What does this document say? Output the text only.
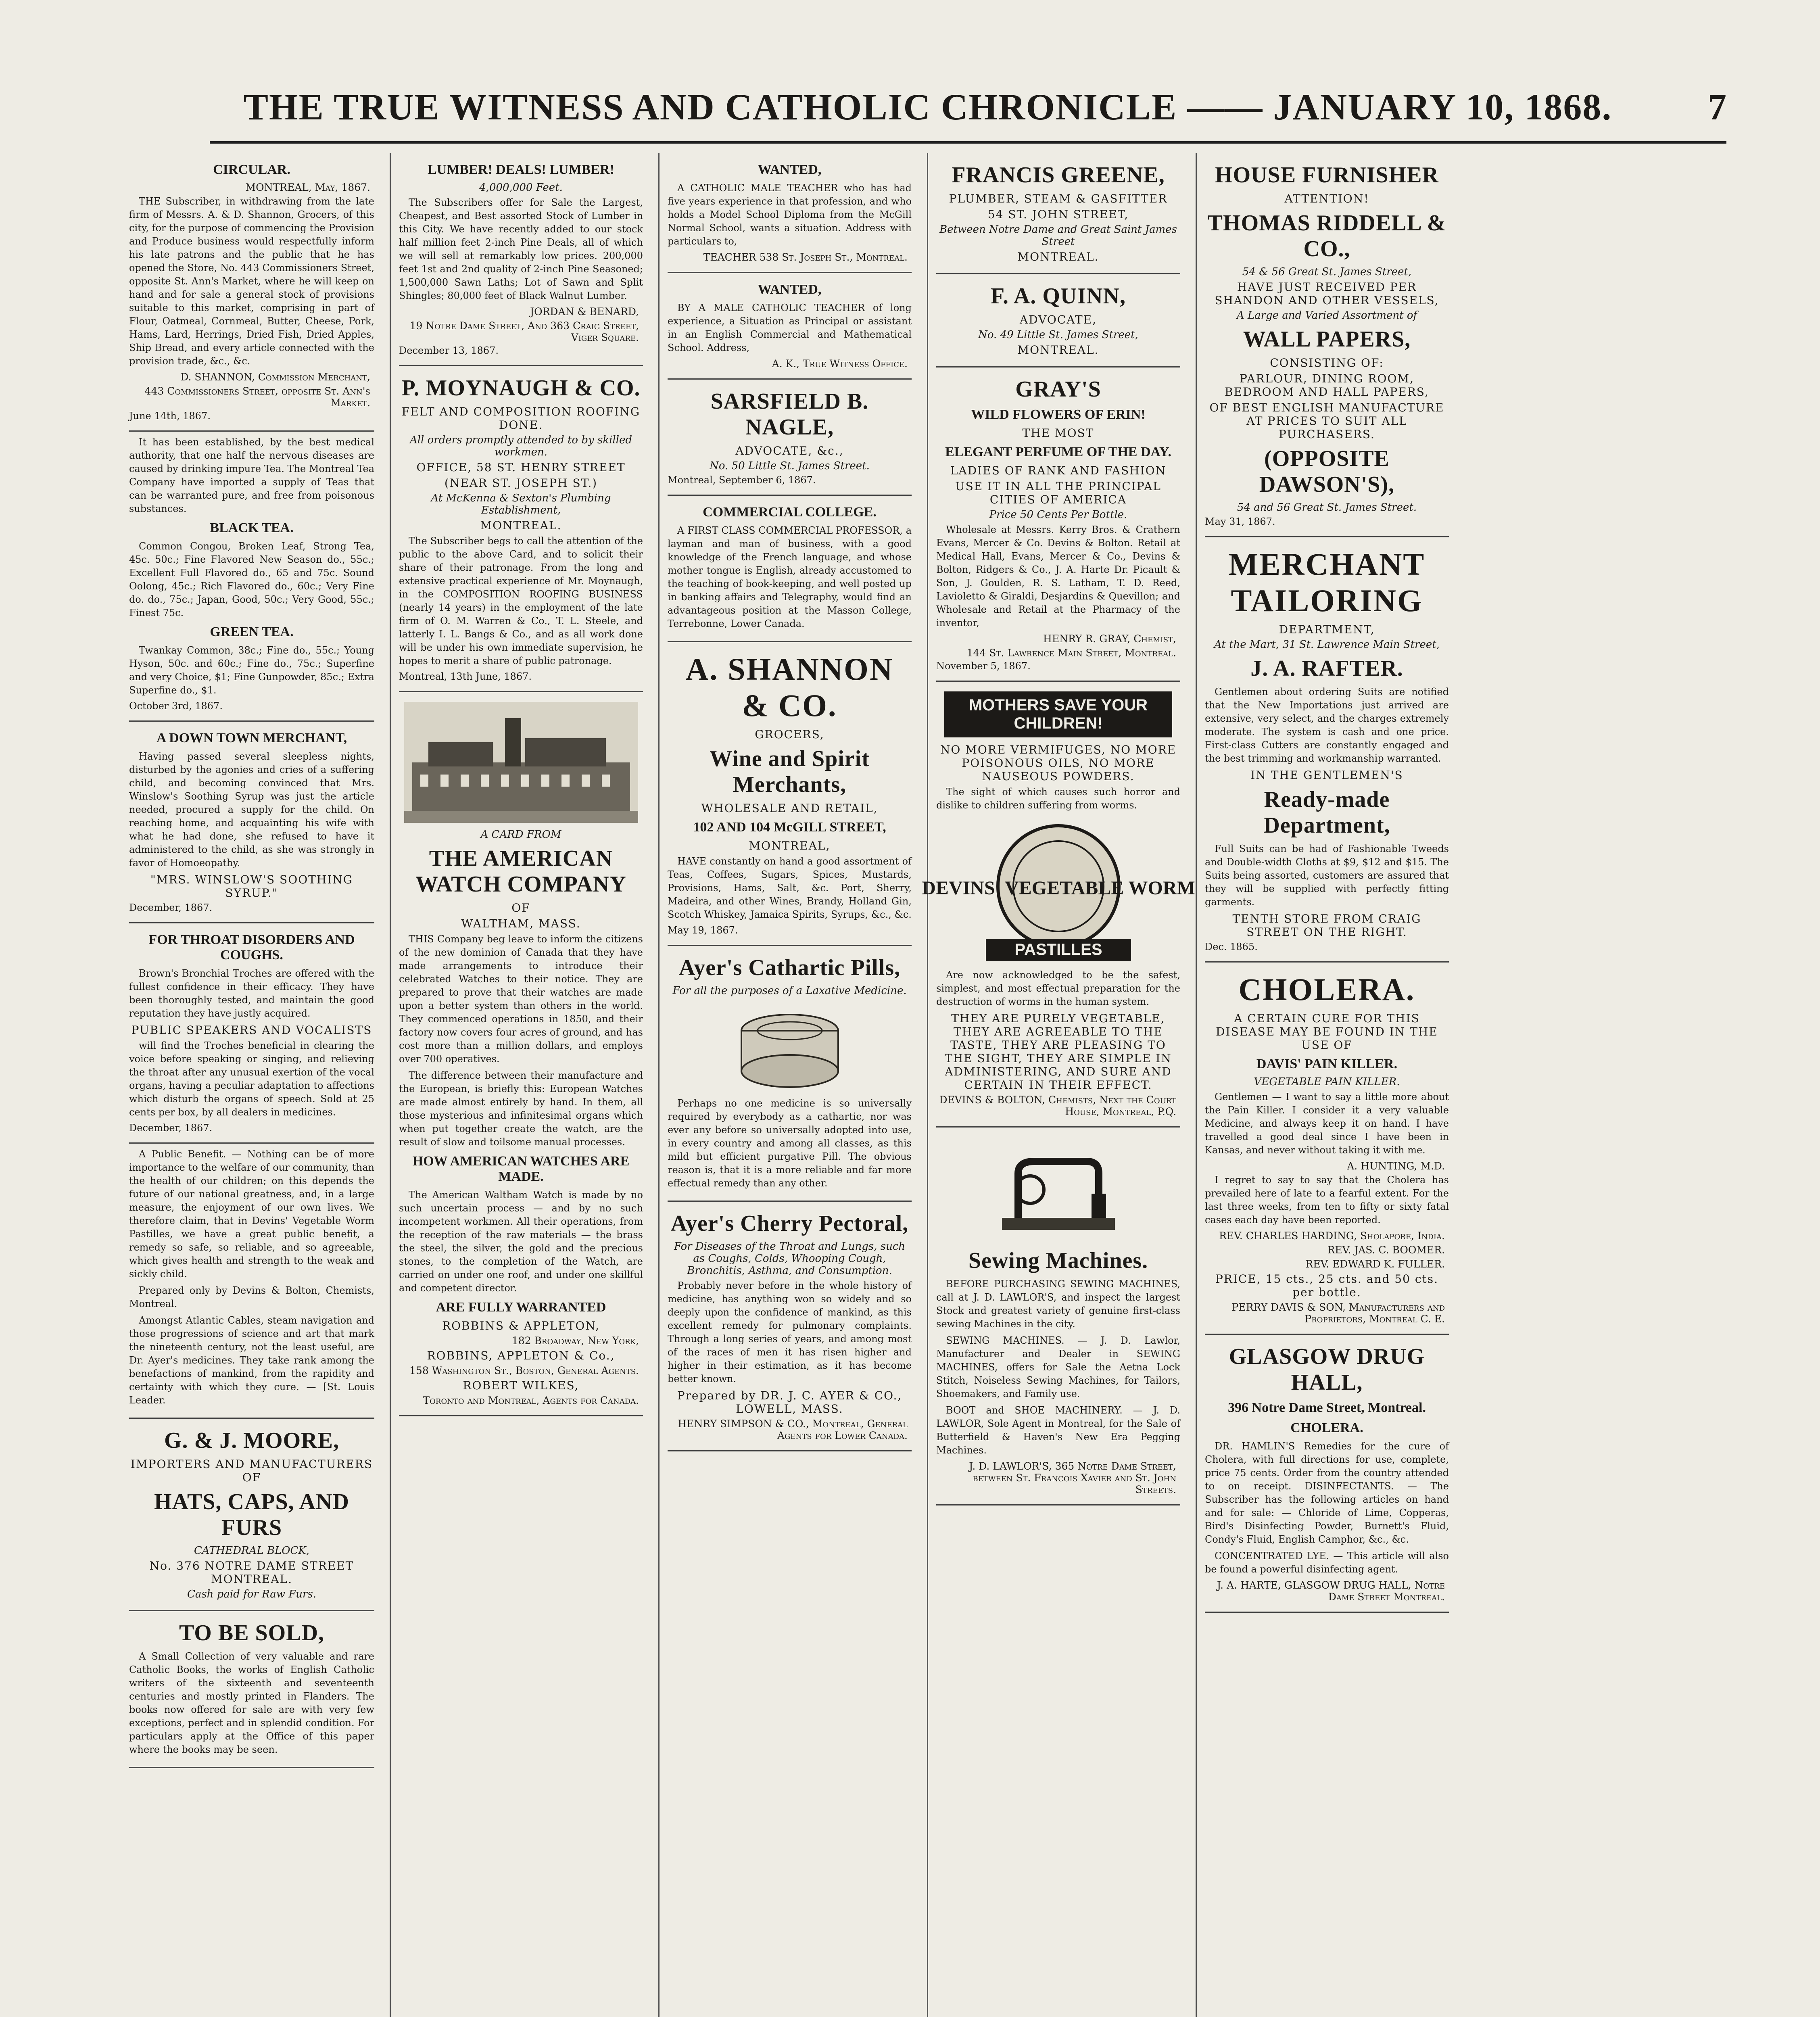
THE TRUE WITNESS AND CATHOLIC CHRONICLE —— JANUARY 10, 1868.	7
CIRCULAR.
MONTREAL, May, 1867.

THE Subscriber, in withdrawing from the late firm of Messrs. A. & D. Shannon, Grocers, of this city, for the purpose of commencing the Provision and Produce business would respectfully inform his late patrons and the public that he has opened the Store, No. 443 Commissioners Street, opposite St. Ann's Market, where he will keep on hand and for sale a general stock of provisions suitable to this market, comprising in part of Flour, Oatmeal, Cornmeal, Butter, Cheese, Pork, Hams, Lard, Herrings, Dried Fish, Dried Apples, Ship Bread, and every article connected with the provision trade, &c., &c.

D. SHANNON, Commission Merchant,
443 Commissioners Street, opposite St. Ann's Market.
June 14th, 1867.

It has been established, by the best medical authority, that one half the nervous diseases are caused by drinking impure Tea. The Montreal Tea Company have imported a supply of Teas that can be warranted pure, and free from poisonous substances.

BLACK TEA.

Common Congou, Broken Leaf, Strong Tea, 45c. 50c.; Fine Flavored New Season do., 55c.; Excellent Full Flavored do., 65 and 75c. Sound Oolong, 45c.; Rich Flavored do., 60c.; Very Fine do. do., 75c.; Japan, Good, 50c.; Very Good, 55c.; Finest 75c.

GREEN TEA.

Twankay Common, 38c.; Fine do., 55c.; Young Hyson, 50c. and 60c.; Fine do., 75c.; Superfine and very Choice, $1; Fine Gunpowder, 85c.; Extra Superfine do., $1.

October 3rd, 1867.
A DOWN TOWN MERCHANT,

Having passed several sleepless nights, disturbed by the agonies and cries of a suffering child, and becoming convinced that Mrs. Winslow's Soothing Syrup was just the article needed, procured a supply for the child. On reaching home, and acquainting his wife with what he had done, she refused to have it administered to the child, as she was strongly in favor of Homoeopathy.

"MRS. WINSLOW'S SOOTHING SYRUP."
December, 1867.
FOR THROAT DISORDERS AND COUGHS.

Brown's Bronchial Troches are offered with the fullest confidence in their efficacy. They have been thoroughly tested, and maintain the good reputation they have justly acquired.

PUBLIC SPEAKERS AND VOCALISTS

will find the Troches beneficial in clearing the voice before speaking or singing, and relieving the throat after any unusual exertion of the vocal organs, having a peculiar adaptation to affections which disturb the organs of speech. Sold at 25 cents per box, by all dealers in medicines.

December, 1867.

A Public Benefit. — Nothing can be of more importance to the welfare of our community, than the health of our children; on this depends the future of our national greatness, and, in a large measure, the enjoyment of our own lives. We therefore claim, that in Devins' Vegetable Worm Pastilles, we have a great public benefit, a remedy so safe, so reliable, and so agreeable, which gives health and strength to the weak and sickly child.

Prepared only by Devins & Bolton, Chemists, Montreal.

Amongst Atlantic Cables, steam navigation and those progressions of science and art that mark the nineteenth century, not the least useful, are Dr. Ayer's medicines. They take rank among the benefactions of mankind, from the rapidity and certainty with which they cure. — [St. Louis Leader.

G. & J. MOORE,
IMPORTERS AND MANUFACTURERS OF
HATS, CAPS, AND FURS
CATHEDRAL BLOCK,
No. 376 NOTRE DAME STREET MONTREAL.
Cash paid for Raw Furs.
TO BE SOLD,

A Small Collection of very valuable and rare Catholic Books, the works of English Catholic writers of the sixteenth and seventeenth centuries and mostly printed in Flanders. The books now offered for sale are with very few exceptions, perfect and in splendid condition. For particulars apply at the Office of this paper where the books may be seen.

LUMBER! DEALS! LUMBER!
4,000,000 Feet.

The Subscribers offer for Sale the Largest, Cheapest, and Best assorted Stock of Lumber in this City. We have recently added to our stock half million feet 2-inch Pine Deals, all of which we will sell at remarkably low prices. 200,000 feet 1st and 2nd quality of 2-inch Pine Seasoned; 1,500,000 Sawn Laths; Lot of Sawn and Split Shingles; 80,000 feet of Black Walnut Lumber.

JORDAN & BENARD,
19 Notre Dame Street, And 363 Craig Street, Viger Square.
December 13, 1867.
P. MOYNAUGH & CO.
FELT AND COMPOSITION ROOFING DONE.
All orders promptly attended to by skilled workmen.
OFFICE, 58 ST. HENRY STREET
(NEAR ST. JOSEPH ST.)
At McKenna & Sexton's Plumbing Establishment,
MONTREAL.

The Subscriber begs to call the attention of the public to the above Card, and to solicit their share of their patronage. From the long and extensive practical experience of Mr. Moynaugh, in the COMPOSITION ROOFING BUSINESS (nearly 14 years) in the employment of the late firm of O. M. Warren & Co., T. L. Steele, and latterly I. L. Bangs & Co., and as all work done will be under his own immediate supervision, he hopes to merit a share of public patronage.

Montreal, 13th June, 1867.
A CARD FROM
THE AMERICAN WATCH COMPANY
OF
WALTHAM, MASS.

THIS Company beg leave to inform the citizens of the new dominion of Canada that they have made arrangements to introduce their celebrated Watches to their notice. They are prepared to prove that their watches are made upon a better system than others in the world. They commenced operations in 1850, and their factory now covers four acres of ground, and has cost more than a million dollars, and employs over 700 operatives.

The difference between their manufacture and the European, is briefly this: European Watches are made almost entirely by hand. In them, all those mysterious and infinitesimal organs which when put together create the watch, are the result of slow and toilsome manual processes.

HOW AMERICAN WATCHES ARE MADE.

The American Waltham Watch is made by no such uncertain process — and by no such incompetent workmen. All their operations, from the reception of the raw materials — the brass the steel, the silver, the gold and the precious stones, to the completion of the Watch, are carried on under one roof, and under one skillful and competent director.

ARE FULLY WARRANTED
ROBBINS & APPLETON,
182 Broadway, New York,
ROBBINS, APPLETON & Co.,
158 Washington St., Boston, General Agents.
ROBERT WILKES,
Toronto and Montreal, Agents for Canada.
WANTED,

A CATHOLIC MALE TEACHER who has had five years experience in that profession, and who holds a Model School Diploma from the McGill Normal School, wants a situation. Address with particulars to,

TEACHER 538 St. Joseph St., Montreal.
WANTED,

BY A MALE CATHOLIC TEACHER of long experience, a Situation as Principal or assistant in an English Commercial and Mathematical School. Address,

A. K., True Witness Office.
SARSFIELD B. NAGLE,
ADVOCATE, &c.,
No. 50 Little St. James Street.
Montreal, September 6, 1867.
COMMERCIAL COLLEGE.

A FIRST CLASS COMMERCIAL PROFESSOR, a layman and man of business, with a good knowledge of the French language, and whose mother tongue is English, already accustomed to the teaching of book-keeping, and well posted up in banking affairs and Telegraphy, would find an advantageous position at the Masson College, Terrebonne, Lower Canada.

A. SHANNON & CO.
GROCERS,
Wine and Spirit Merchants,
WHOLESALE AND RETAIL,
102 AND 104 McGILL STREET,
MONTREAL,

HAVE constantly on hand a good assortment of Teas, Coffees, Sugars, Spices, Mustards, Provisions, Hams, Salt, &c. Port, Sherry, Madeira, and other Wines, Brandy, Holland Gin, Scotch Whiskey, Jamaica Spirits, Syrups, &c., &c.

May 19, 1867.
Ayer's Cathartic Pills,
For all the purposes of a Laxative Medicine.

Perhaps no one medicine is so universally required by everybody as a cathartic, nor was ever any before so universally adopted into use, in every country and among all classes, as this mild but efficient purgative Pill. The obvious reason is, that it is a more reliable and far more effectual remedy than any other.

Ayer's Cherry Pectoral,
For Diseases of the Throat and Lungs, such as Coughs, Colds, Whooping Cough, Bronchitis, Asthma, and Consumption.

Probably never before in the whole history of medicine, has anything won so widely and so deeply upon the confidence of mankind, as this excellent remedy for pulmonary complaints. Through a long series of years, and among most of the races of men it has risen higher and higher in their estimation, as it has become better known.

Prepared by DR. J. C. AYER & CO., LOWELL, MASS.
HENRY SIMPSON & CO., Montreal, General Agents for Lower Canada.
FRANCIS GREENE,
PLUMBER, STEAM & GASFITTER
54 ST. JOHN STREET,
Between Notre Dame and Great Saint James Street
MONTREAL.
F. A. QUINN,
ADVOCATE,
No. 49 Little St. James Street,
MONTREAL.
GRAY'S
WILD FLOWERS OF ERIN!
THE MOST
ELEGANT PERFUME OF THE DAY.
LADIES OF RANK AND FASHION
USE IT IN ALL THE PRINCIPAL CITIES OF AMERICA
Price 50 Cents Per Bottle.

Wholesale at Messrs. Kerry Bros. & Crathern Evans, Mercer & Co. Devins & Bolton. Retail at Medical Hall, Evans, Mercer & Co., Devins & Bolton, Ridgers & Co., J. A. Harte Dr. Picault & Son, J. Goulden, R. S. Latham, T. D. Reed, Lavioletto & Giraldi, Desjardins & Quevillon; and Wholesale and Retail at the Pharmacy of the inventor,

HENRY R. GRAY, Chemist,
144 St. Lawrence Main Street, Montreal.
November 5, 1867.
MOTHERS SAVE YOUR CHILDREN!
NO MORE VERMIFUGES, NO MORE POISONOUS OILS, NO MORE NAUSEOUS POWDERS.

The sight of which causes such horror and dislike to children suffering from worms.

DEVINS' VEGETABLE WORM
PASTILLES

Are now acknowledged to be the safest, simplest, and most effectual preparation for the destruction of worms in the human system.

THEY ARE PURELY VEGETABLE, THEY ARE AGREEABLE TO THE TASTE, THEY ARE PLEASING TO THE SIGHT, THEY ARE SIMPLE IN ADMINISTERING, AND SURE AND CERTAIN IN THEIR EFFECT.
DEVINS & BOLTON, Chemists, Next the Court House, Montreal, P.Q.
Sewing Machines.

BEFORE PURCHASING SEWING MACHINES, call at J. D. LAWLOR'S, and inspect the largest Stock and greatest variety of genuine first-class sewing Machines in the city.

SEWING MACHINES. — J. D. Lawlor, Manufacturer and Dealer in SEWING MACHINES, offers for Sale the Aetna Lock Stitch, Noiseless Sewing Machines, for Tailors, Shoemakers, and Family use.

BOOT and SHOE MACHINERY. — J. D. LAWLOR, Sole Agent in Montreal, for the Sale of Butterfield & Haven's New Era Pegging Machines.

J. D. LAWLOR'S, 365 Notre Dame Street, between St. Francois Xavier and St. John Streets.
HOUSE FURNISHER
ATTENTION!
THOMAS RIDDELL & CO.,
54 & 56 Great St. James Street,
HAVE JUST RECEIVED PER SHANDON AND OTHER VESSELS,
A Large and Varied Assortment of
WALL PAPERS,
CONSISTING OF:
PARLOUR, DINING ROOM, BEDROOM AND HALL PAPERS,
OF BEST ENGLISH MANUFACTURE AT PRICES TO SUIT ALL PURCHASERS.
(OPPOSITE DAWSON'S),
54 and 56 Great St. James Street.
May 31, 1867.
MERCHANT TAILORING
DEPARTMENT,
At the Mart, 31 St. Lawrence Main Street,
J. A. RAFTER.

Gentlemen about ordering Suits are notified that the New Importations just arrived are extensive, very select, and the charges extremely moderate. The system is cash and one price. First-class Cutters are constantly engaged and the best trimming and workmanship warranted.

IN THE GENTLEMEN'S
Ready-made Department,

Full Suits can be had of Fashionable Tweeds and Double-width Cloths at $9, $12 and $15. The Suits being assorted, customers are assured that they will be supplied with perfectly fitting garments.

TENTH STORE FROM CRAIG STREET ON THE RIGHT.
Dec. 1865.
CHOLERA.
A CERTAIN CURE FOR THIS DISEASE MAY BE FOUND IN THE USE OF
DAVIS' PAIN KILLER.
VEGETABLE PAIN KILLER.

Gentlemen — I want to say a little more about the Pain Killer. I consider it a very valuable Medicine, and always keep it on hand. I have travelled a good deal since I have been in Kansas, and never without taking it with me.

A. HUNTING, M.D.

I regret to say to say that the Cholera has prevailed here of late to a fearful extent. For the last three weeks, from ten to fifty or sixty fatal cases each day have been reported.

REV. CHARLES HARDING, Sholapore, India.
REV. JAS. C. BOOMER.
REV. EDWARD K. FULLER.
PRICE, 15 cts., 25 cts. and 50 cts. per bottle.
PERRY DAVIS & SON, Manufacturers and Proprietors, Montreal C. E.
GLASGOW DRUG HALL,
396 Notre Dame Street, Montreal.
CHOLERA.

DR. HAMLIN'S Remedies for the cure of Cholera, with full directions for use, complete, price 75 cents. Order from the country attended to on receipt. DISINFECTANTS. — The Subscriber has the following articles on hand and for sale: — Chloride of Lime, Copperas, Bird's Disinfecting Powder, Burnett's Fluid, Condy's Fluid, English Camphor, &c., &c.

CONCENTRATED LYE. — This article will also be found a powerful disinfecting agent.

J. A. HARTE, GLASGOW DRUG HALL, Notre Dame Street Montreal.
